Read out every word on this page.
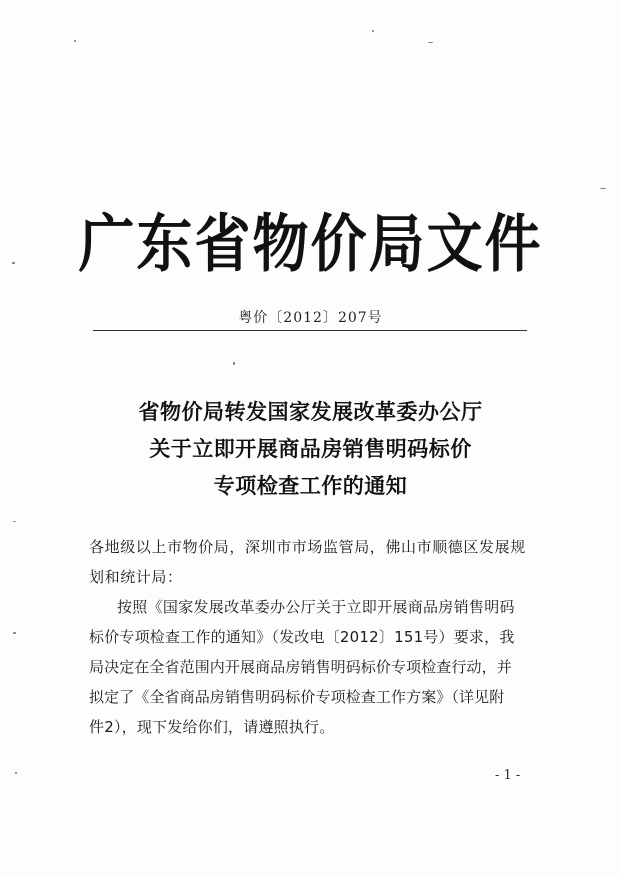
广东省物价局文件
粤价〔2012〕207号
省物价局转发国家发展改革委办公厅
关于立即开展商品房销售明码标价
专项检查工作的通知
各地级以上市物价局，深圳市市场监管局，佛山市顺德区发展规
划和统计局：
按照《国家发展改革委办公厅关于立即开展商品房销售明码
标价专项检查工作的通知》（发改电〔2012〕151号）要求，我
局决定在全省范围内开展商品房销售明码标价专项检查行动，并
拟定了《全省商品房销售明码标价专项检查工作方案》（详见附
件2），现下发给你们，请遵照执行。
- 1 -
